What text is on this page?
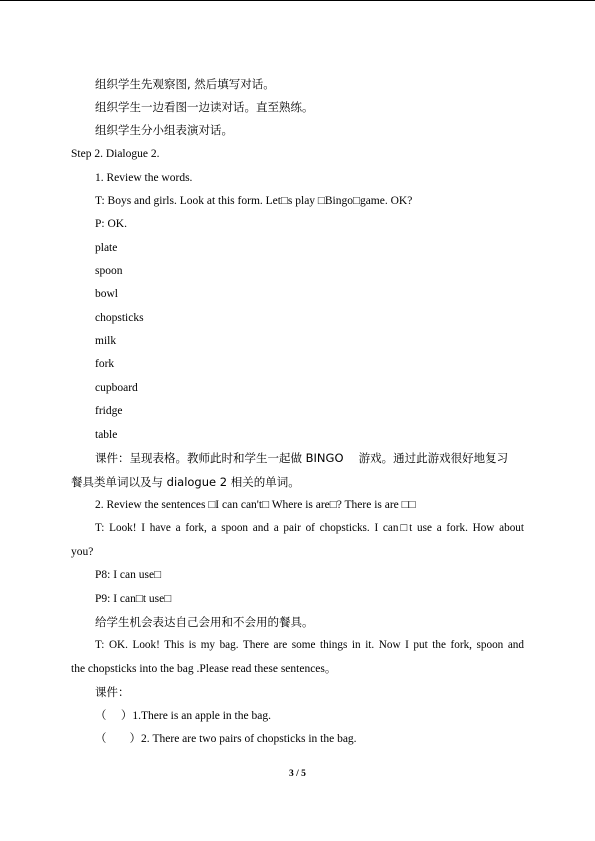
组织学生先观察图, 然后填写对话。
组织学生一边看图一边读对话。直至熟练。
组织学生分小组表演对话。
Step 2. Dialogue 2.
1. Review the words.
T: Boys and girls. Look at this form. Let□s play □Bingo□game. OK?
P: OK.
plate
spoon
bowl
chopsticks
milk
fork
cupboard
fridge
table
课件：呈现表格。教师此时和学生一起做 BINGO　 游戏。通过此游戏很好地复习
餐具类单词以及与 dialogue 2 相关的单词。
2. Review the sentences □I can can't□ Where is are□? There is are □□
T: Look! I have a fork, a spoon and a pair of chopsticks. I can□t use a fork. How about
you?
P8: I can use□
P9: I can□t use□
给学生机会表达自己会用和不会用的餐具。
T: OK. Look! This is my bag. There are some things in it. Now I put the fork, spoon and
the chopsticks into the bag .Please read these sentences。
课件：
（　 ）1.There is an apple in the bag.
（　　）2. There are two pairs of chopsticks in the bag.
3 / 5
